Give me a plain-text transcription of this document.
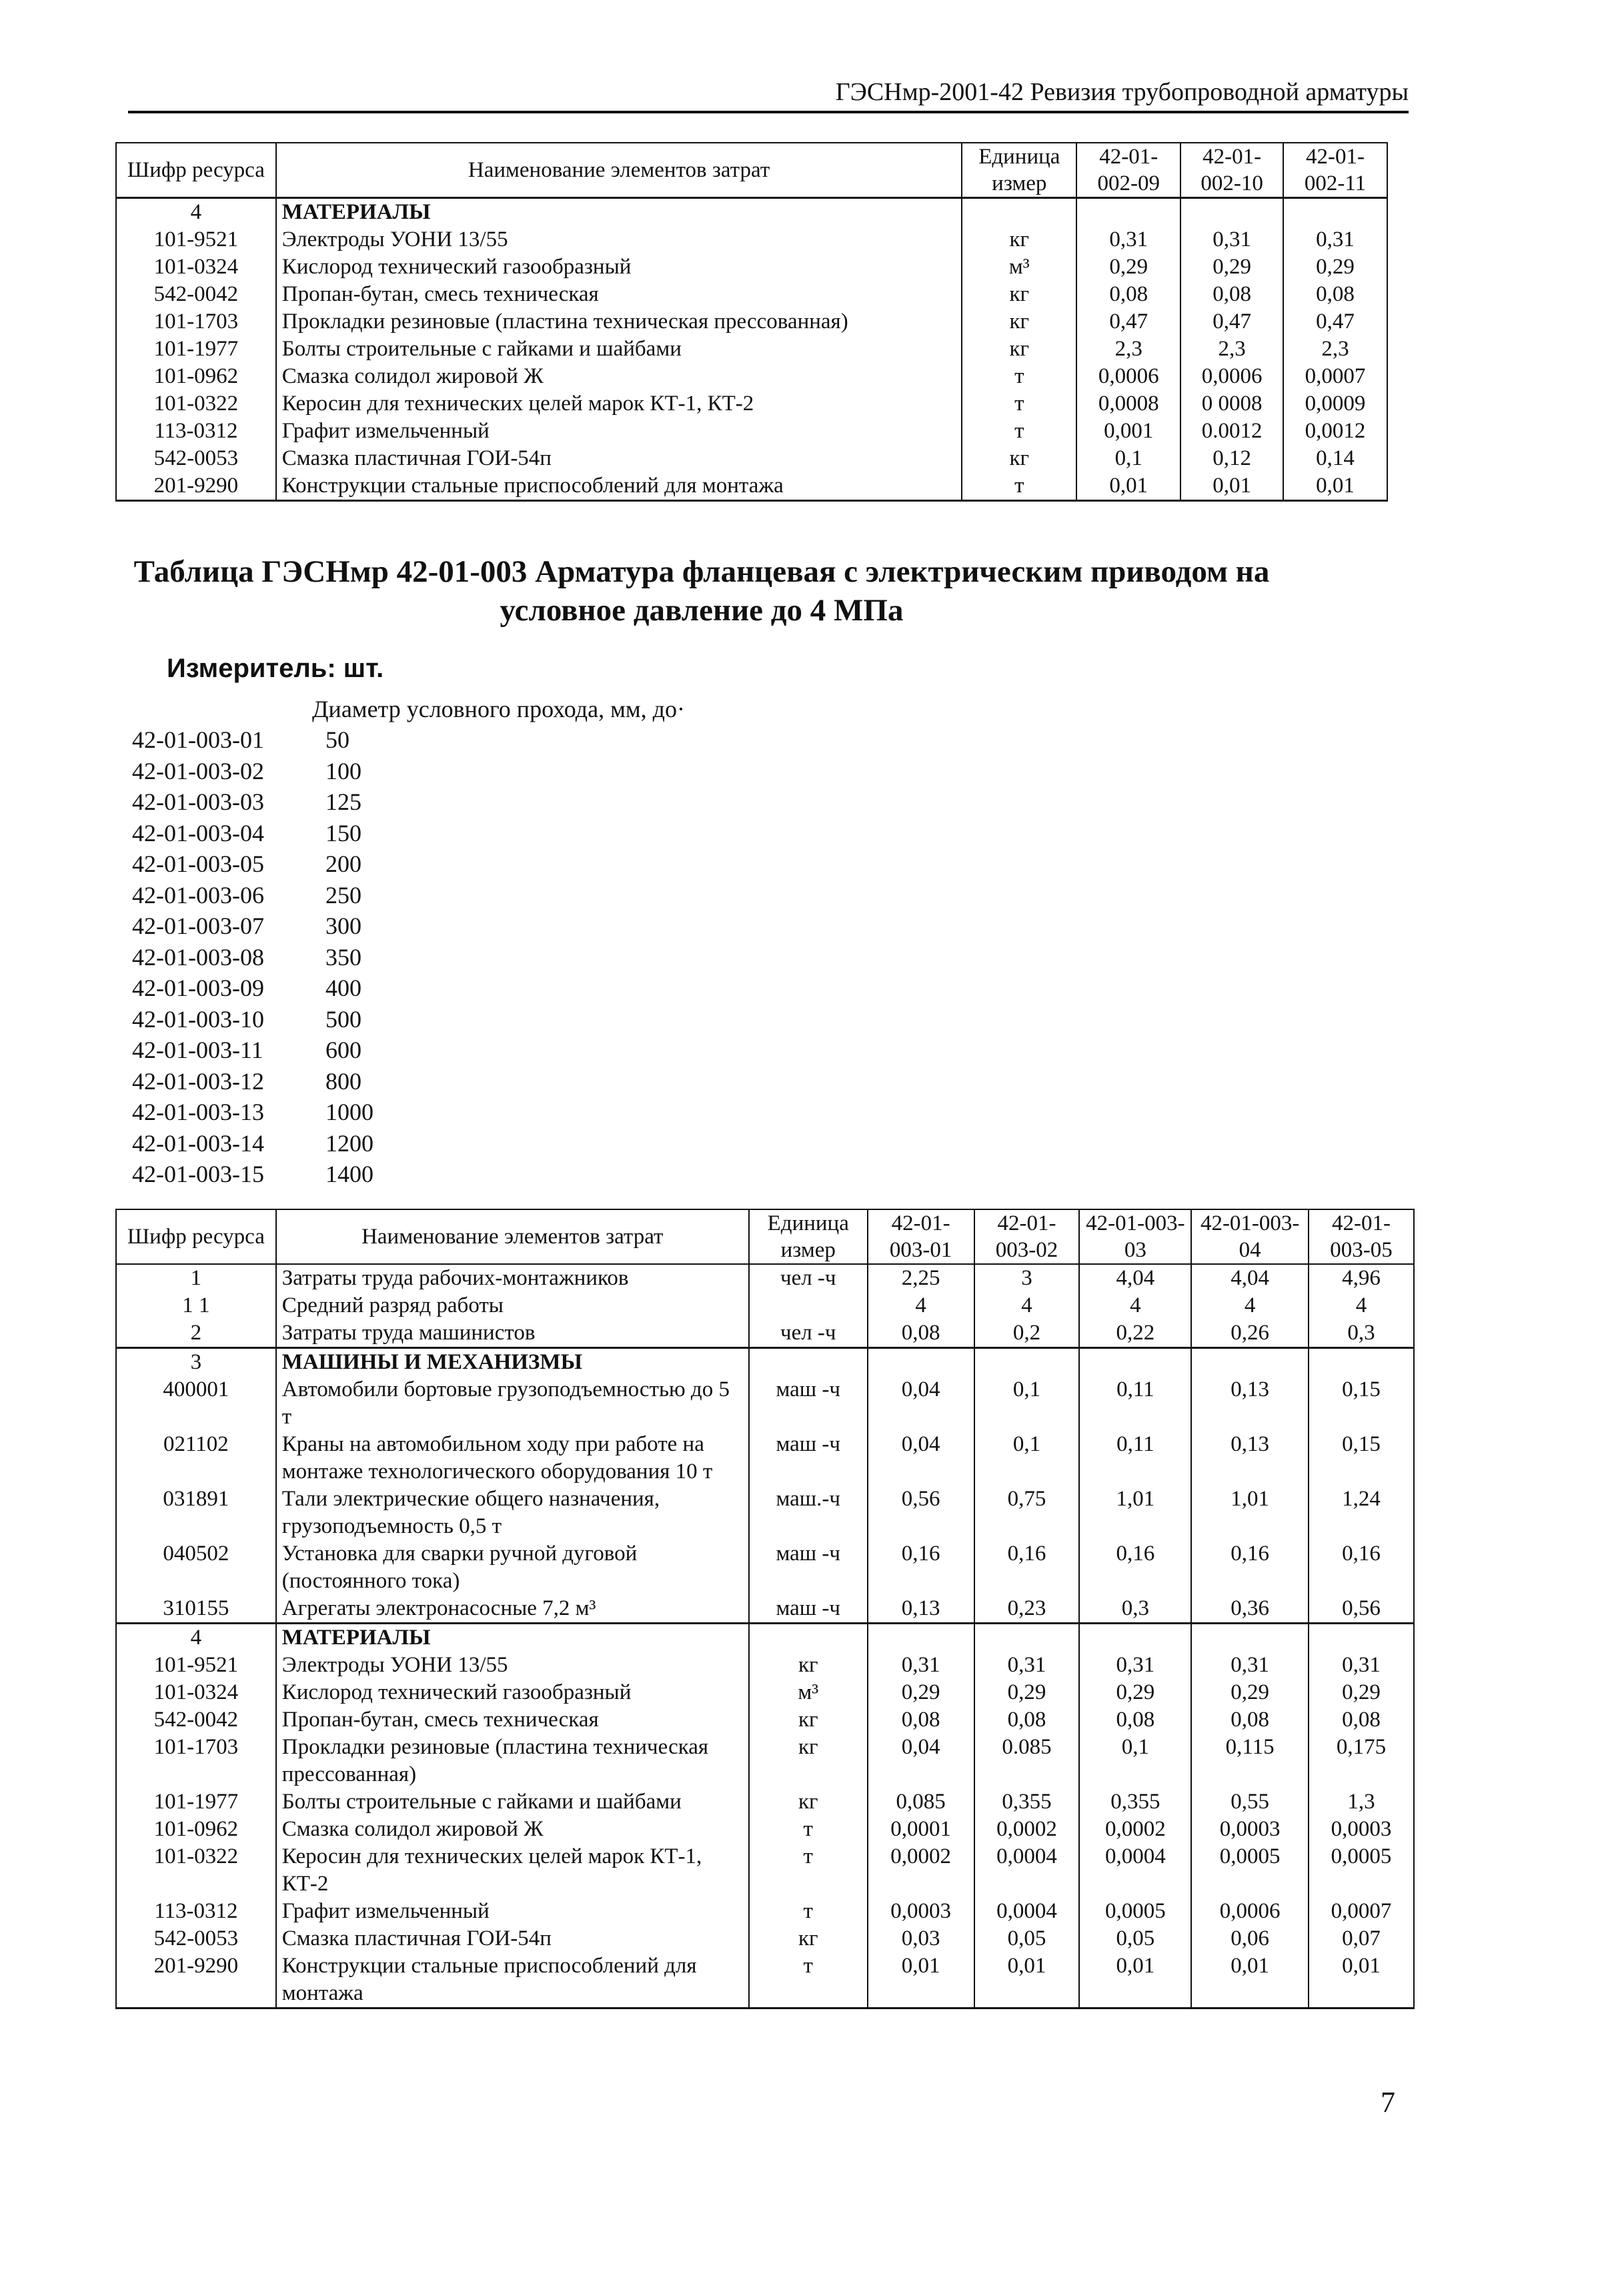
ГЭСНмр-2001-42 Ревизия трубопроводной арматуры
Шифр ресурса	Наименование элементов затрат	Единица измер	42-01-002-09	42-01-002-10	42-01-002-11
4	МАТЕРИАЛЫ				
101-9521	Электроды УОНИ 13/55	кг	0,31	0,31	0,31
101-0324	Кислород технический газообразный	м³	0,29	0,29	0,29
542-0042	Пропан-бутан, смесь техническая	кг	0,08	0,08	0,08
101-1703	Прокладки резиновые (пластина техническая прессованная)	кг	0,47	0,47	0,47
101-1977	Болты строительные с гайками и шайбами	кг	2,3	2,3	2,3
101-0962	Смазка солидол жировой Ж	т	0,0006	0,0006	0,0007
101-0322	Керосин для технических целей марок КТ-1, КТ-2	т	0,0008	0 0008	0,0009
113-0312	Графит измельченный	т	0,001	0.0012	0,0012
542-0053	Смазка пластичная ГОИ-54п	кг	0,1	0,12	0,14
201-9290	Конструкции стальные приспособлений для монтажа	т	0,01	0,01	0,01
Таблица ГЭСНмр 42-01-003 Арматура фланцевая с электрическим приводом на
условное давление до 4 МПа
Измеритель: шт.
Диаметр условного прохода, мм, до·
42-01-003-01	50
42-01-003-02	100
42-01-003-03	125
42-01-003-04	150
42-01-003-05	200
42-01-003-06	250
42-01-003-07	300
42-01-003-08	350
42-01-003-09	400
42-01-003-10	500
42-01-003-11	600
42-01-003-12	800
42-01-003-13	1000
42-01-003-14	1200
42-01-003-15	1400
Шифр ресурса	Наименование элементов затрат	Единица измер	42-01-003-01	42-01-003-02	42-01-003-03	42-01-003-04	42-01-003-05
1	Затраты труда рабочих-монтажников	чел -ч	2,25	3	4,04	4,04	4,96
1 1	Средний разряд работы		4	4	4	4	4
2	Затраты труда машинистов	чел -ч	0,08	0,2	0,22	0,26	0,3
3	МАШИНЫ И МЕХАНИЗМЫ						
400001	Автомобили бортовые грузоподъемностью до 5 т	маш -ч	0,04	0,1	0,11	0,13	0,15
021102	Краны на автомобильном ходу при работе на монтаже технологического оборудования 10 т	маш -ч	0,04	0,1	0,11	0,13	0,15
031891	Тали электрические общего назначения, грузоподъемность 0,5 т	маш.-ч	0,56	0,75	1,01	1,01	1,24
040502	Установка для сварки ручной дуговой (постоянного тока)	маш -ч	0,16	0,16	0,16	0,16	0,16
310155	Агрегаты электронасосные 7,2 м³	маш -ч	0,13	0,23	0,3	0,36	0,56
4	МАТЕРИАЛЫ						
101-9521	Электроды УОНИ 13/55	кг	0,31	0,31	0,31	0,31	0,31
101-0324	Кислород технический газообразный	м³	0,29	0,29	0,29	0,29	0,29
542-0042	Пропан-бутан, смесь техническая	кг	0,08	0,08	0,08	0,08	0,08
101-1703	Прокладки резиновые (пластина техническая прессованная)	кг	0,04	0.085	0,1	0,115	0,175
101-1977	Болты строительные с гайками и шайбами	кг	0,085	0,355	0,355	0,55	1,3
101-0962	Смазка солидол жировой Ж	т	0,0001	0,0002	0,0002	0,0003	0,0003
101-0322	Керосин для технических целей марок КТ-1, КТ-2	т	0,0002	0,0004	0,0004	0,0005	0,0005
113-0312	Графит измельченный	т	0,0003	0,0004	0,0005	0,0006	0,0007
542-0053	Смазка пластичная ГОИ-54п	кг	0,03	0,05	0,05	0,06	0,07
201-9290	Конструкции стальные приспособлений для монтажа	т	0,01	0,01	0,01	0,01	0,01
7
